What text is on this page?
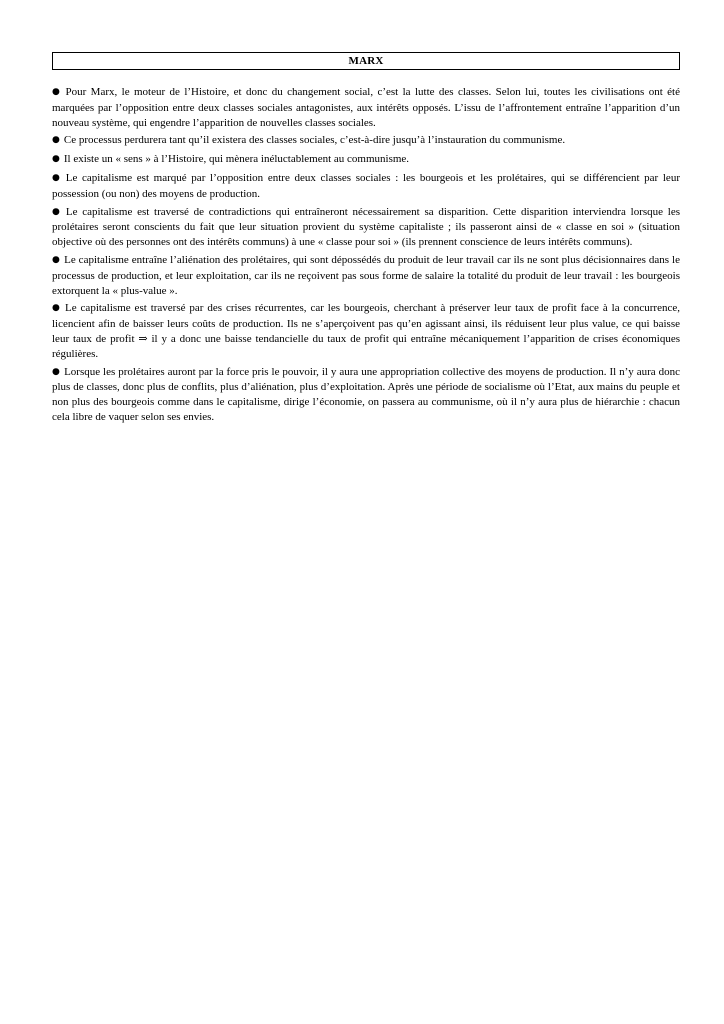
MARX

● Pour Marx, le moteur de l’Histoire, et donc du changement social, c’est la lutte des classes. Selon lui, toutes les civilisations ont été marquées par l’opposition entre deux classes sociales antagonistes, aux intérêts opposés. L’issu de l’affrontement entraîne l’apparition d’un nouveau système, qui engendre l’apparition de nouvelles classes sociales.

● Ce processus perdurera tant qu’il existera des classes sociales, c’est-à-dire jusqu’à l’instauration du communisme.

● Il existe un « sens » à l’Histoire, qui mènera inéluctablement au communisme.

● Le capitalisme est marqué par l’opposition entre deux classes sociales : les bourgeois et les prolétaires, qui se différencient par leur possession (ou non) des moyens de production.

● Le capitalisme est traversé de contradictions qui entraîneront nécessairement sa disparition. Cette disparition interviendra lorsque les prolétaires seront conscients du fait que leur situation provient du système capitaliste ; ils passeront ainsi de « classe en soi » (situation objective où des personnes ont des intérêts communs) à une « classe pour soi » (ils prennent conscience de leurs intérêts communs).

● Le capitalisme entraîne l’aliénation des prolétaires, qui sont dépossédés du produit de leur travail car ils ne sont plus décisionnaires dans le processus de production, et leur exploitation, car ils ne reçoivent pas sous forme de salaire la totalité du produit de leur travail : les bourgeois extorquent la « plus-value ».

● Le capitalisme est traversé par des crises récurrentes, car les bourgeois, cherchant à préserver leur taux de profit face à la concurrence, licencient afin de baisser leurs coûts de production. Ils ne s’aperçoivent pas qu’en agissant ainsi, ils réduisent leur plus value, ce qui baisse leur taux de profit ⇒ il y a donc une baisse tendancielle du taux de profit qui entraîne mécaniquement l’apparition de crises économiques régulières.

● Lorsque les prolétaires auront par la force pris le pouvoir, il y aura une appropriation collective des moyens de production. Il n’y aura donc plus de classes, donc plus de conflits, plus d’aliénation, plus d’exploitation. Après une période de socialisme où l’Etat, aux mains du peuple et non plus des bourgeois comme dans le capitalisme, dirige l’économie, on passera au communisme, où il n’y aura plus de hiérarchie : chacun cela libre de vaquer selon ses envies.
